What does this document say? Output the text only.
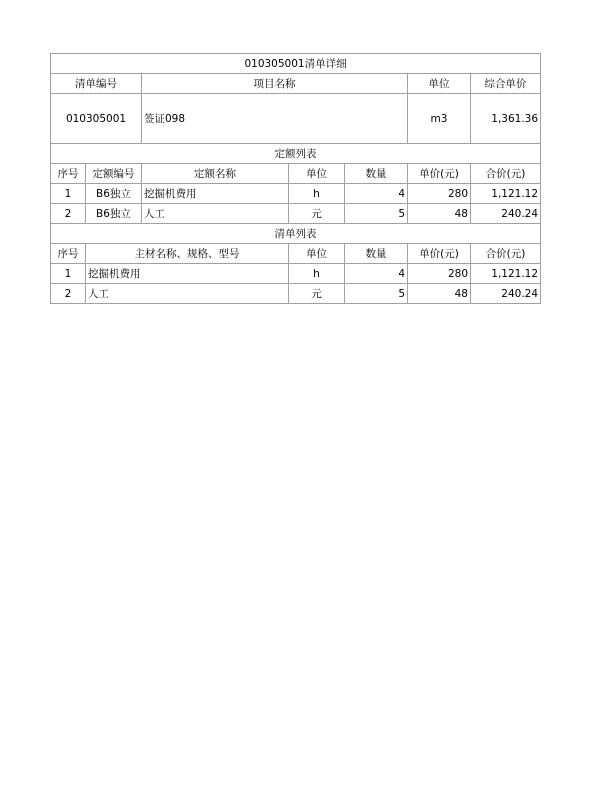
010305001清单详细						
清单编号		项目名称			单位	综合单价
010305001		签证098			m3	1,361.36
定额列表						
序号	定额编号	定额名称	单位	数量	单价(元)	合价(元)
1	B6独立	挖掘机费用	h	4	280	1,121.12
2	B6独立	人工	元	5	48	240.24
清单列表						
序号	主材名称、规格、型号		单位	数量	单价(元)	合价(元)
1	挖掘机费用		h	4	280	1,121.12
2	人工		元	5	48	240.24
